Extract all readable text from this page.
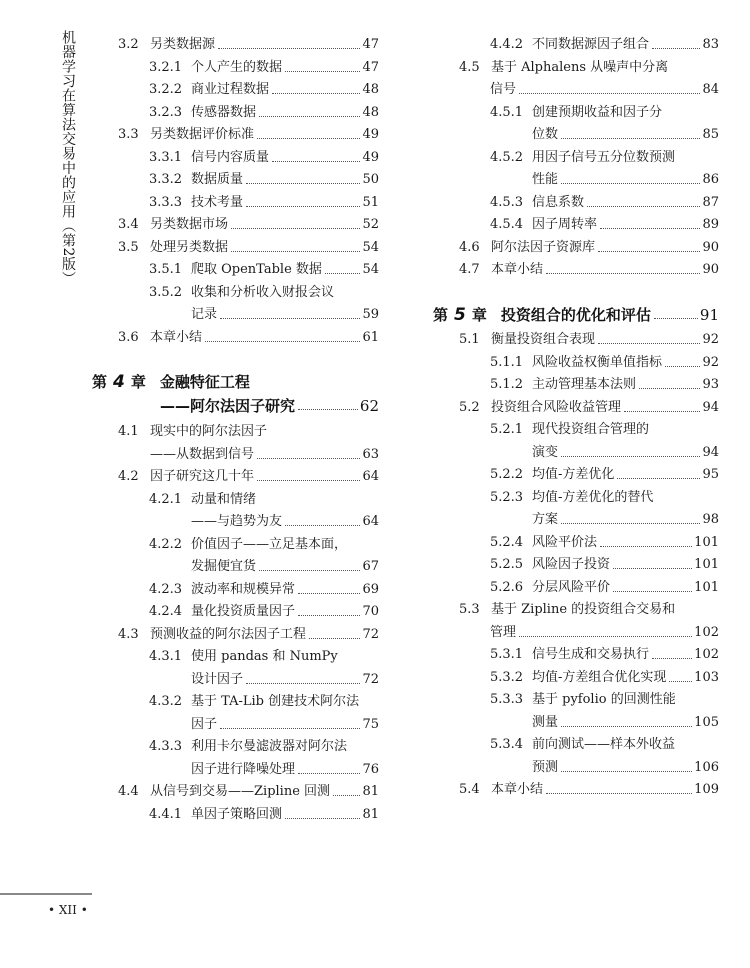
机器学习在算法交易中的应用（第2版）	3.2 另类数据源	47
3.2.1 个人产生的数据	47
3.2.2 商业过程数据	48
3.2.3 传感器数据	48
3.3 另类数据评价标准	49
3.3.1 信号内容质量	49
3.3.2 数据质量	50
3.3.3 技术考量	51
3.4 另类数据市场	52
3.5 处理另类数据	54
3.5.1 爬取 OpenTable 数据	54
3.5.2 收集和分析收入财报会议
记录	59
3.6 本章小结	61
第 4 章 金融特征工程
——阿尔法因子研究	62
4.1 现实中的阿尔法因子
——从数据到信号	63
4.2 因子研究这几十年	64
4.2.1 动量和情绪
——与趋势为友	64
4.2.2 价值因子——立足基本面，
发掘便宜货	67
4.2.3 波动率和规模异常	69
4.2.4 量化投资质量因子	70
4.3 预测收益的阿尔法因子工程	72
4.3.1 使用 pandas 和 NumPy
设计因子	72
4.3.2 基于 TA-Lib 创建技术阿尔法
因子	75
4.3.3 利用卡尔曼滤波器对阿尔法
因子进行降噪处理	76
4.4 从信号到交易——Zipline 回测 81
4.4.1 单因子策略回测	81
4.4.2 不同数据源因子组合	83
4.5 基于 Alphalens 从噪声中分离
信号	84
4.5.1 创建预期收益和因子分
位数	85
4.5.2 用因子信号五分位数预测
性能	86
4.5.3 信息系数	87
4.5.4 因子周转率	89
4.6 阿尔法因子资源库	90
4.7 本章小结	90
第 5 章 投资组合的优化和评估	91
5.1 衡量投资组合表现	92
5.1.1 风险收益权衡单值指标	92
5.1.2 主动管理基本法则	93
5.2 投资组合风险收益管理	94
5.2.1 现代投资组合管理的
演变	94
5.2.2 均值-方差优化	95
5.2.3 均值-方差优化的替代
方案	98
5.2.4 风险平价法	101
5.2.5 风险因子投资	101
5.2.6 分层风险平价	101
5.3 基于 Zipline 的投资组合交易和
管理	102
5.3.1 信号生成和交易执行	102
5.3.2 均值-方差组合优化实现 103
5.3.3 基于 pyfolio 的回测性能
测量	105
5.3.4 前向测试——样本外收益
预测	106
5.4 本章小结	109
• XII •
